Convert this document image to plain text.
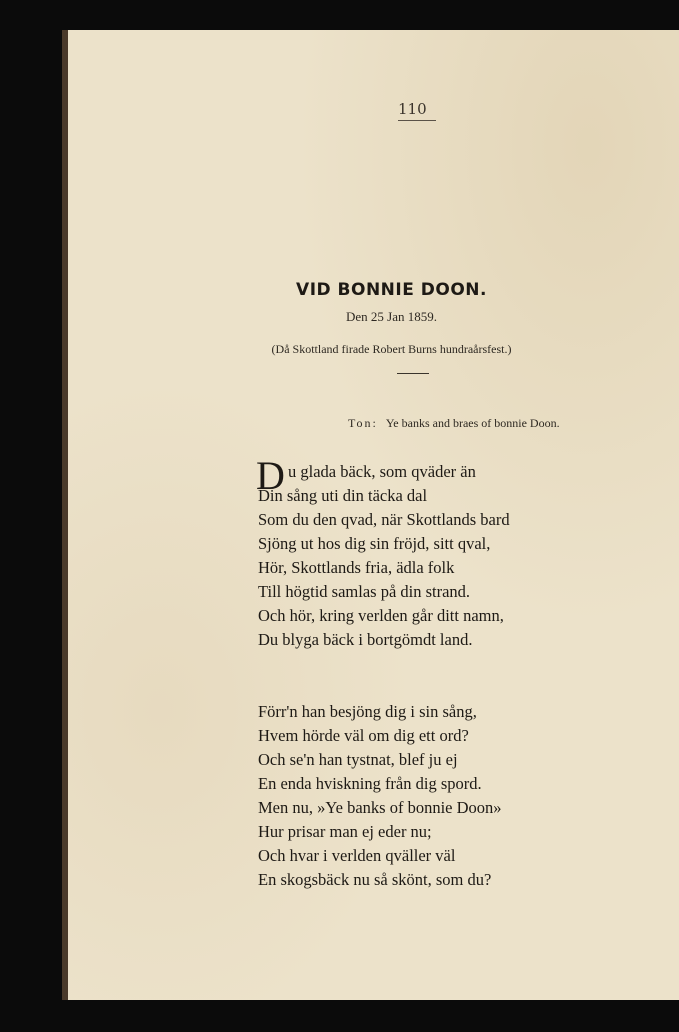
110
VID BONNIE DOON.
Den 25 Jan 1859.
(Då Skottland firade Robert Burns hundraårsfest.)
Ton: Ye banks and braes of bonnie Doon.
D u glada bäck, som qväder än
Din sång uti din täcka dal
Som du den qvad, när Skottlands bard
Sjöng ut hos dig sin fröjd, sitt qval,
Hör, Skottlands fria, ädla folk
Till högtid samlas på din strand.
Och hör, kring verlden går ditt namn,
Du blyga bäck i bortgömdt land.
Förr'n han besjöng dig i sin sång,
Hvem hörde väl om dig ett ord?
Och se'n han tystnat, blef ju ej
En enda hviskning från dig spord.
Men nu, »Ye banks of bonnie Doon»
Hur prisar man ej eder nu;
Och hvar i verlden qväller väl
En skogsbäck nu så skönt, som du?
